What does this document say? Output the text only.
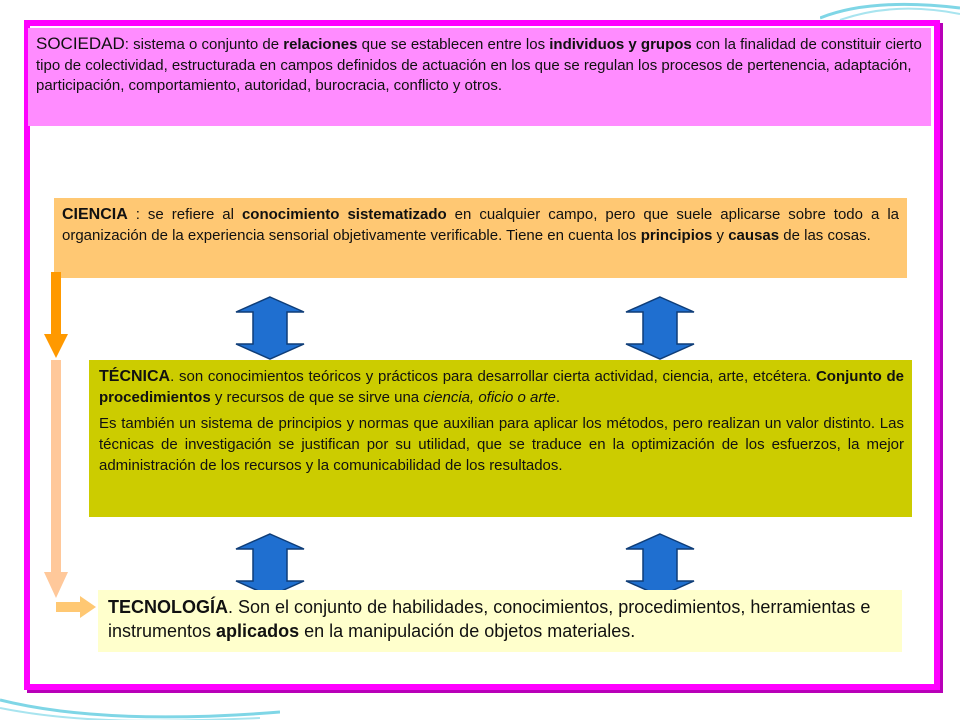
SOCIEDAD: sistema o conjunto de relaciones que se establecen entre los individuos y grupos con la finalidad de constituir cierto tipo de colectividad, estructurada en campos definidos de actuación en los que se regulan los procesos de pertenencia, adaptación, participación, comportamiento, autoridad, burocracia, conflicto y otros.
CIENCIA : se refiere al conocimiento sistematizado en cualquier campo, pero que suele aplicarse sobre todo a la organización de la experiencia sensorial objetivamente verificable. Tiene en cuenta los principios y causas de las cosas.

TÉCNICA. son conocimientos teóricos y prácticos para desarrollar cierta actividad, ciencia, arte, etcétera. Conjunto de procedimientos y recursos de que se sirve una ciencia, oficio o arte.

Es también un sistema de principios y normas que auxilian para aplicar los métodos, pero realizan un valor distinto. Las técnicas de investigación se justifican por su utilidad, que se traduce en la optimización de los esfuerzos, la mejor administración de los recursos y la comunicabilidad de los resultados.

TECNOLOGÍA. Son el conjunto de habilidades, conocimientos, procedimientos, herramientas e instrumentos aplicados en la manipulación de objetos materiales.
